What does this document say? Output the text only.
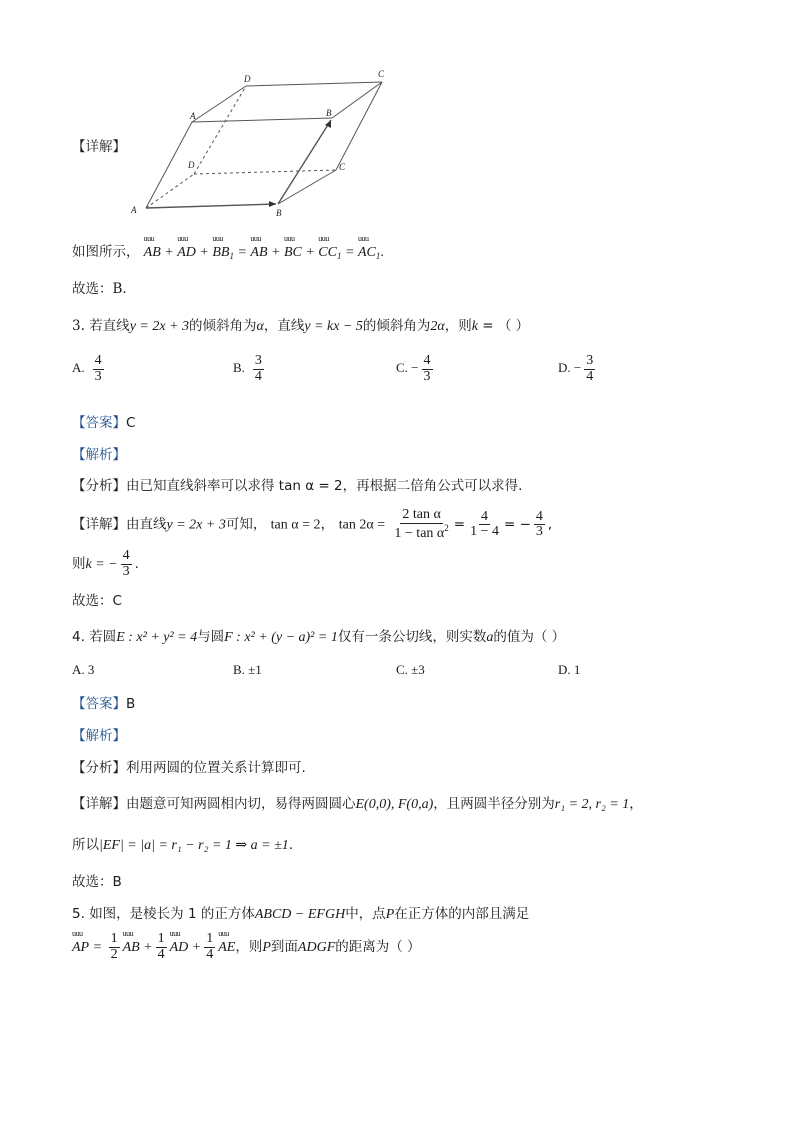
【详解】
A	B
C
D
A	B
C
D
如图所示， uuu AB + uuu AD + uuu $BB_1$ = uuu AB + uuu BC + uuu $CC_1$ = uuu $AC_1$.
故选：B.
3. 若直线y = 2x + 3的倾斜角为α，直线y = kx − 5的倾斜角为2α，则k = （ ）
A. $\frac{4}{3}$	B. $\frac{3}{4}$	C. − $\frac{4}{3}$	D. − $\frac{3}{4}$
【答案】C
【解析】
【分析】由已知直线斜率可以求得 tan α = 2，再根据二倍角公式可以求得.
【详解】由直线y = 2x + 3可知， tan α = 2， $\tan 2\alpha = \frac{\text{2 tan α}}{1 - \tan \alpha^2} = \frac{4}{1 - 4}$ = − $\frac{4}{3}$ ,
则k = − $\frac{4}{3}$ .
故选：C
4. 若圆E : x² + y² = 4与圆F : x² + (y − a)² = 1仅有一条公切线，则实数a的值为（ ）
A. 3	B. ±1	C. ±3	D. 1
【答案】B
【解析】
【分析】利用两圆的位置关系计算即可.
【详解】由题意可知两圆相内切，易得两圆圆心E(0,0), F(0,a)，且两圆半径分别为r₁ = 2, r₂ = 1，
所以|EF| = |a| = r₁ − r₂ = 1 ⇒ a = ±1.
故选：B
5. 如图，是棱长为 1 的正方体ABCD − EFGH中，点P在正方体的内部且满足
uuu AP = $\frac{1}{2}$ uuu AB + $\frac{1}{4}$ uuu AD + $\frac{1}{4}$ uuu AE，则P到面ADGF的距离为（ ）
